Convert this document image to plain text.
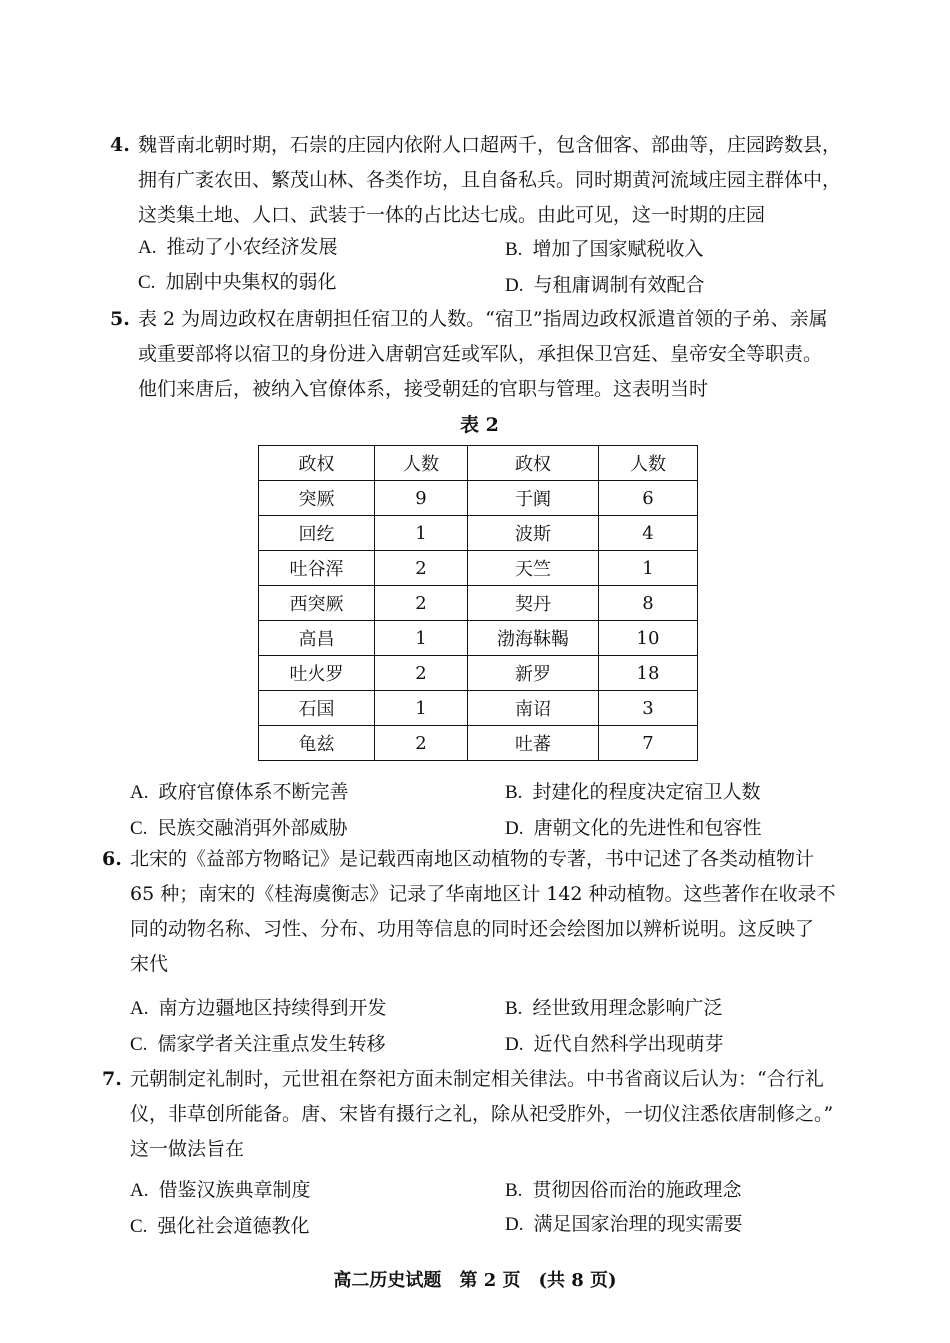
4. 魏晋南北朝时期，石崇的庄园内依附人口超两千，包含佃客、部曲等，庄园跨数县，
拥有广袤农田、繁茂山林、各类作坊，且自备私兵。同时期黄河流域庄园主群体中，
这类集土地、人口、武装于一体的占比达七成。由此可见，这一时期的庄园
A. 推动了小农经济发展	B. 增加了国家赋税收入
C. 加剧中央集权的弱化	D. 与租庸调制有效配合
5. 表 2 为周边政权在唐朝担任宿卫的人数。“宿卫”指周边政权派遣首领的子弟、亲属
或重要部将以宿卫的身份进入唐朝宫廷或军队，承担保卫宫廷、皇帝安全等职责。
他们来唐后，被纳入官僚体系，接受朝廷的官职与管理。这表明当时
表 2
政权	人数	政权	人数
突厥	9	于阗	6
回纥	1	波斯	4
吐谷浑	2	天竺	1
西突厥	2	契丹	8
高昌	1	渤海靺鞨	10
吐火罗	2	新罗	18
石国	1	南诏	3
龟兹	2	吐蕃	7
A. 政府官僚体系不断完善	B. 封建化的程度决定宿卫人数
C. 民族交融消弭外部威胁	D. 唐朝文化的先进性和包容性
6. 北宋的《益部方物略记》是记载西南地区动植物的专著，书中记述了各类动植物计
65 种；南宋的《桂海虞衡志》记录了华南地区计 142 种动植物。这些著作在收录不
同的动物名称、习性、分布、功用等信息的同时还会绘图加以辨析说明。这反映了
宋代
A. 南方边疆地区持续得到开发	B. 经世致用理念影响广泛
C. 儒家学者关注重点发生转移	D. 近代自然科学出现萌芽
7. 元朝制定礼制时，元世祖在祭祀方面未制定相关律法。中书省商议后认为：“合行礼
仪，非草创所能备。唐、宋皆有摄行之礼，除从祀受胙外，一切仪注悉依唐制修之。”
这一做法旨在
A. 借鉴汉族典章制度	B. 贯彻因俗而治的施政理念
C. 强化社会道德教化	D. 满足国家治理的现实需要
高二历史试题　第 2 页　(共 8 页)
